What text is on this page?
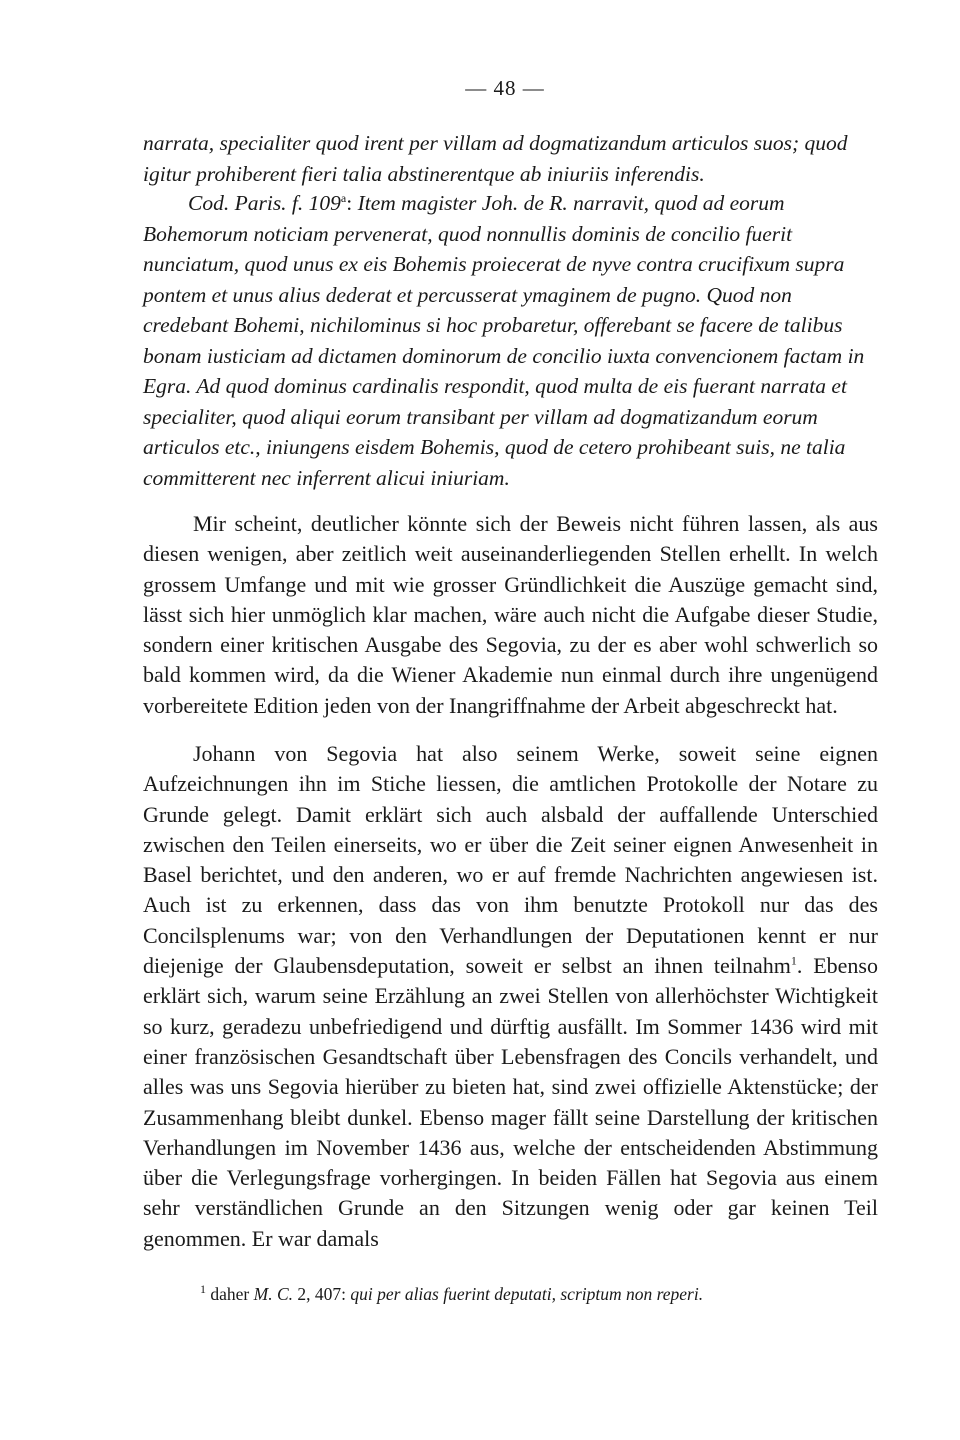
— 48 —
narrata, specialiter quod irent per villam ad dogmatizandum articulos suos; quod igitur prohiberent fieri talia abstinerentque ab iniuriis inferendis.
Cod. Paris. f. 109$^a$: Item magister Joh. de R. narravit, quod ad eorum Bohemorum noticiam pervenerat, quod nonnullis dominis de concilio fuerit nunciatum, quod unus ex eis Bohemis proiecerat de nyve contra crucifixum supra pontem et unus alius dederat et percusserat ymaginem de pugno. Quod non credebant Bohemi, nichilominus si hoc probaretur, offerebant se facere de talibus bonam iusticiam ad dictamen dominorum de concilio iuxta convencionem factam in Egra. Ad quod dominus cardinalis respondit, quod multa de eis fuerant narrata et specialiter, quod aliqui eorum transibant per villam ad dogmatizandum eorum articulos etc., iniungens eisdem Bohemis, quod de cetero prohibeant suis, ne talia committerent nec inferrent alicui iniuriam.
Mir scheint, deutlicher könnte sich der Beweis nicht führen lassen, als aus diesen wenigen, aber zeitlich weit auseinanderliegenden Stellen erhellt. In welch grossem Umfange und mit wie grosser Gründlichkeit die Auszüge gemacht sind, lässt sich hier unmöglich klar machen, wäre auch nicht die Aufgabe dieser Studie, sondern einer kritischen Ausgabe des Segovia, zu der es aber wohl schwerlich so bald kommen wird, da die Wiener Akademie nun einmal durch ihre ungenügend vorbereitete Edition jeden von der Inangriffnahme der Arbeit abgeschreckt hat.
Johann von Segovia hat also seinem Werke, soweit seine eignen Aufzeichnungen ihn im Stiche liessen, die amtlichen Protokolle der Notare zu Grunde gelegt. Damit erklärt sich auch alsbald der auffallende Unterschied zwischen den Teilen einerseits, wo er über die Zeit seiner eignen Anwesenheit in Basel berichtet, und den anderen, wo er auf fremde Nachrichten angewiesen ist. Auch ist zu erkennen, dass das von ihm benutzte Protokoll nur das des Concilsplenums war; von den Verhandlungen der Deputationen kennt er nur diejenige der Glaubensdeputation, soweit er selbst an ihnen teilnahm$^1$. Ebenso erklärt sich, warum seine Erzählung an zwei Stellen von allerhöchster Wichtigkeit so kurz, geradezu unbefriedigend und dürftig ausfällt. Im Sommer 1436 wird mit einer französischen Gesandtschaft über Lebensfragen des Concils verhandelt, und alles was uns Segovia hierüber zu bieten hat, sind zwei offizielle Aktenstücke; der Zusammenhang bleibt dunkel. Ebenso mager fällt seine Darstellung der kritischen Verhandlungen im November 1436 aus, welche der entscheidenden Abstimmung über die Verlegungsfrage vorhergingen. In beiden Fällen hat Segovia aus einem sehr verständlichen Grunde an den Sitzungen wenig oder gar keinen Teil genommen. Er war damals
$^1$ daher M. C. 2, 407: qui per alias fuerint deputati, scriptum non reperi.
